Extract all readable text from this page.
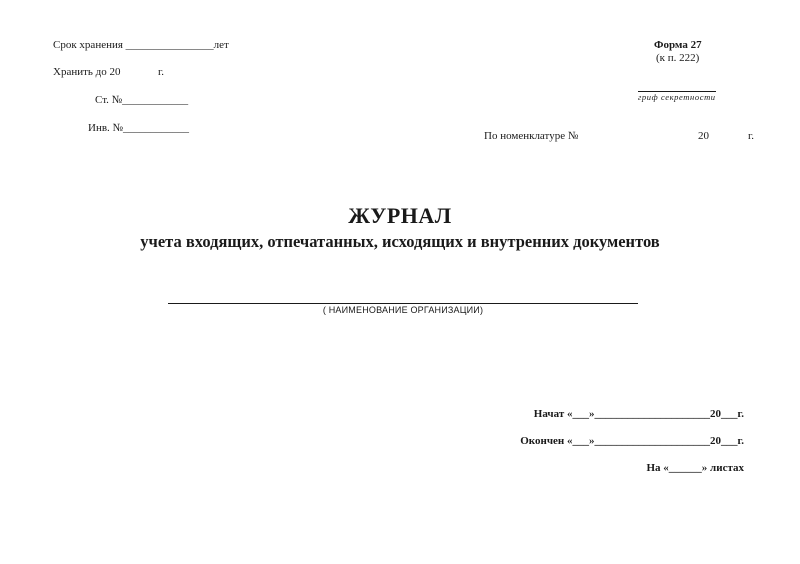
Срок хранения ________________лет
Хранить до 20	г.
Ст. №____________
Инв. №____________
Форма 27
(к п. 222)
гриф секретности
По номенклатуре №	20	г.
ЖУРНАЛ
учета входящих, отпечатанных, исходящих и внутренних документов
( НАИМЕНОВАНИЕ ОРГАНИЗАЦИИ)
Начат «___»_____________________20___г.
Окончен «___»_____________________20___г.
На «______» листах
